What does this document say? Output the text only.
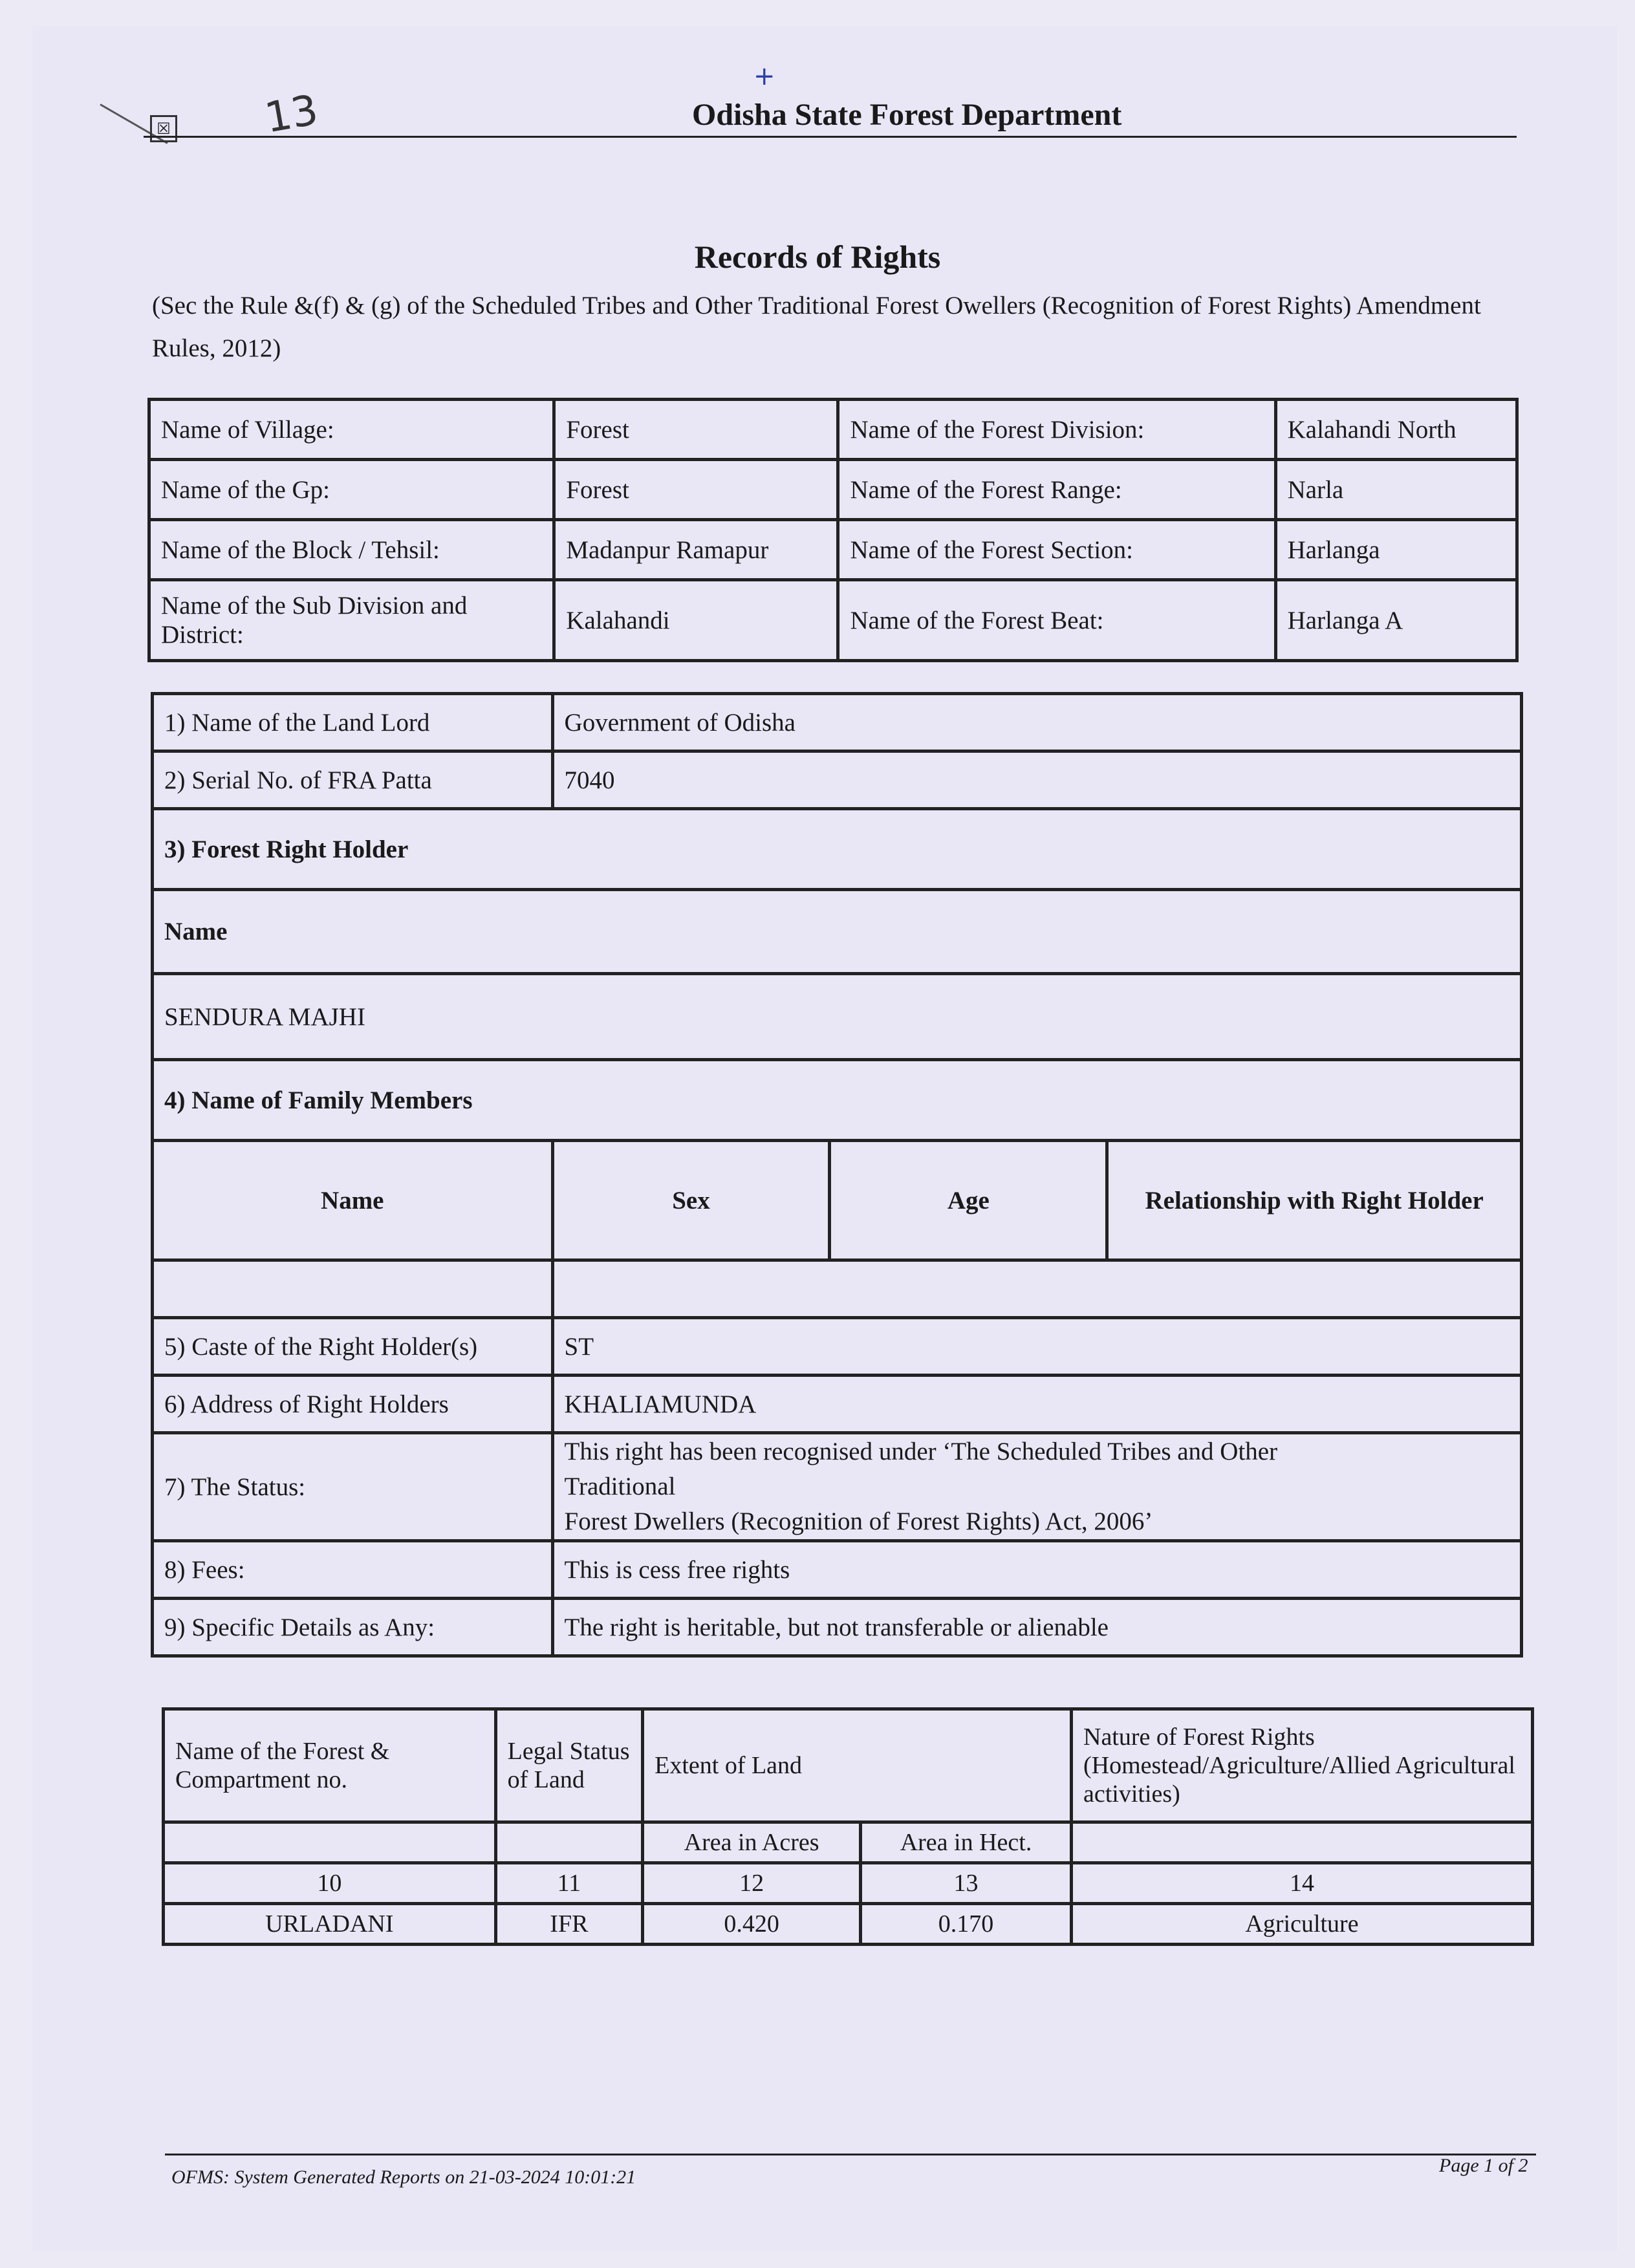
☒ 13
+
Odisha State Forest Department
Records of Rights
(Sec the Rule &(f) & (g) of the Scheduled Tribes and Other Traditional Forest Owellers (Recognition of Forest Rights) Amendment Rules, 2012)
Name of Village:	Forest	Name of the Forest Division:	Kalahandi North
Name of the Gp:	Forest	Name of the Forest Range:	Narla
Name of the Block / Tehsil:	Madanpur Ramapur	Name of the Forest Section:	Harlanga
Name of the Sub Division and District:	Kalahandi	Name of the Forest Beat:	Harlanga A
1) Name of the Land Lord	Government of Odisha		
2) Serial No. of FRA Patta	7040		
3) Forest Right Holder			
Name			
SENDURA MAJHI			
4) Name of Family Members			
Name	Sex	Age	Relationship with Right Holder

5) Caste of the Right Holder(s)	ST		
6) Address of Right Holders	KHALIAMUNDA		
7) The Status:	This right has been recognised under ‘The Scheduled Tribes and Other
Traditional
Forest Dwellers (Recognition of Forest Rights) Act, 2006’		

8) Fees:	This is cess free rights		
9) Specific Details as Any:	The right is heritable, but not transferable or alienable		
Name of the Forest & Compartment no.	Legal Status of Land	Extent of Land		Nature of Forest Rights (Homestead/Agriculture/Allied Agricultural activities)
		Area in Acres	Area in Hect.	
10	11	12	13	14
URLADANI	IFR	0.420	0.170	Agriculture
OFMS: System Generated Reports on 21-03-2024 10:01:21
Page 1 of 2
